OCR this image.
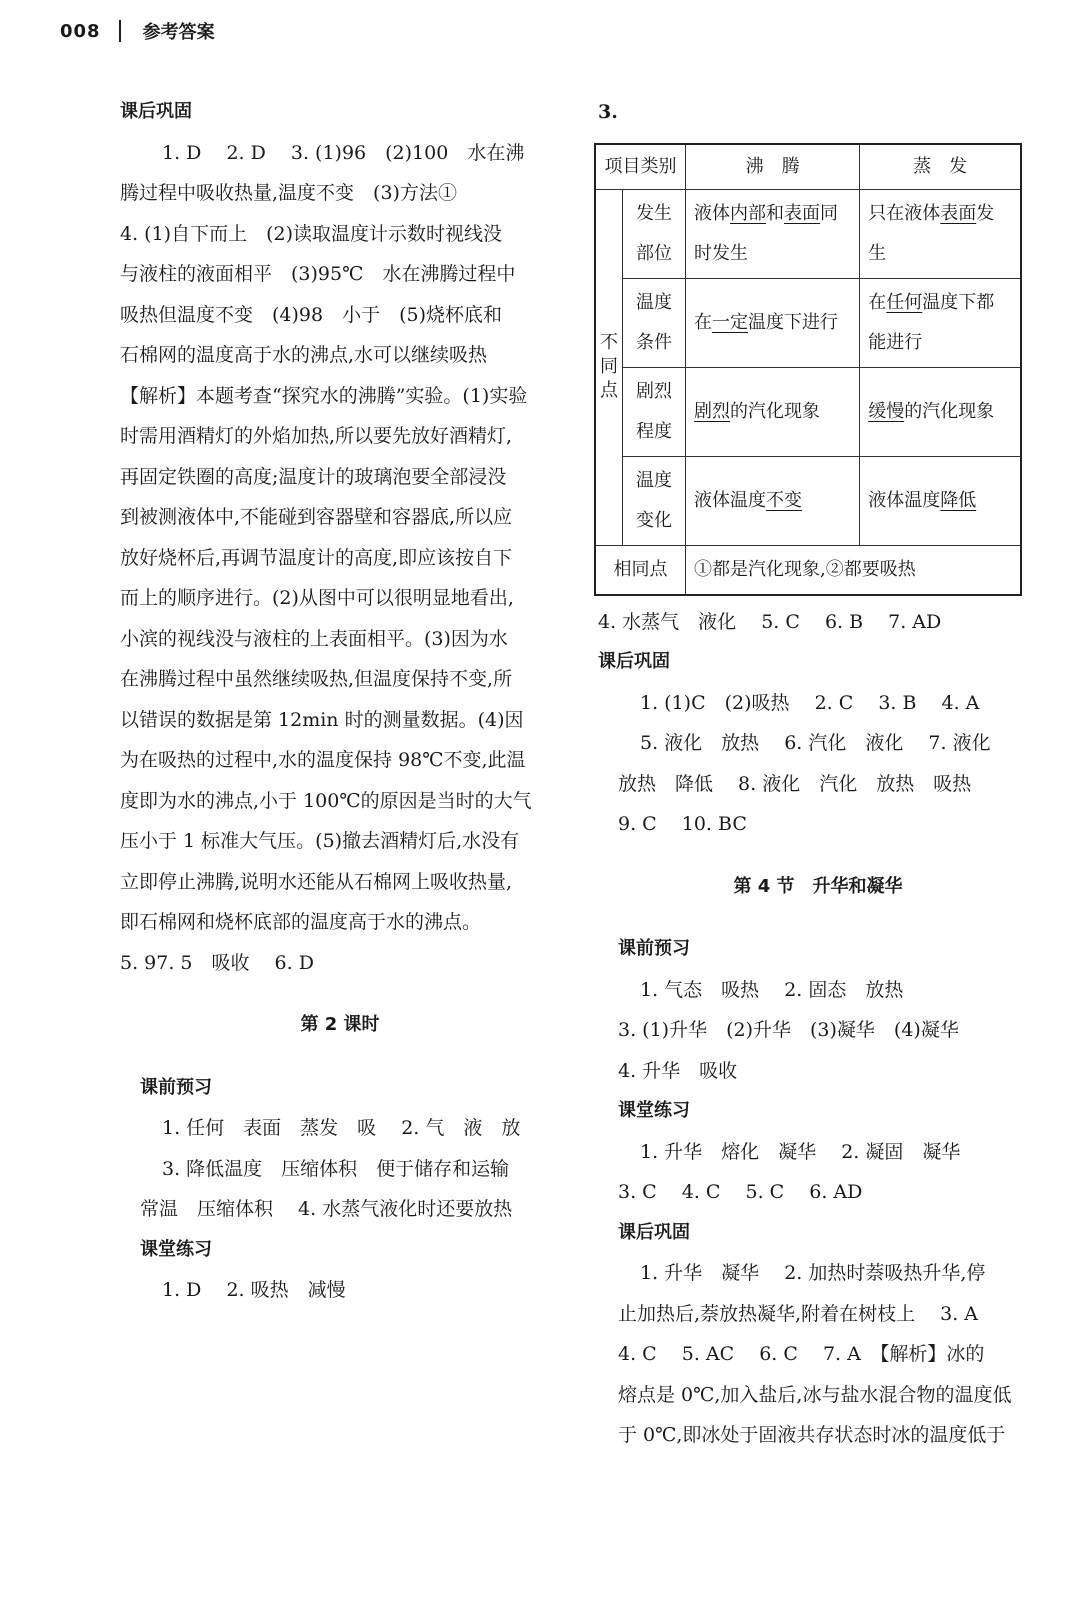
008 参考答案
课后巩固
1. D　 2. D　 3. (1)96　(2)100　水在沸
腾过程中吸收热量,温度不变　(3)方法①
4. (1)自下而上　(2)读取温度计示数时视线没
与液柱的液面相平　(3)95℃　水在沸腾过程中
吸热但温度不变　(4)98　小于　(5)烧杯底和
石棉网的温度高于水的沸点,水可以继续吸热
【解析】本题考查“探究水的沸腾”实验。(1)实验
时需用酒精灯的外焰加热,所以要先放好酒精灯,
再固定铁圈的高度;温度计的玻璃泡要全部浸没
到被测液体中,不能碰到容器壁和容器底,所以应
放好烧杯后,再调节温度计的高度,即应该按自下
而上的顺序进行。(2)从图中可以很明显地看出,
小滨的视线没与液柱的上表面相平。(3)因为水
在沸腾过程中虽然继续吸热,但温度保持不变,所
以错误的数据是第 12min 时的测量数据。(4)因
为在吸热的过程中,水的温度保持 98℃不变,此温
度即为水的沸点,小于 100℃的原因是当时的大气
压小于 1 标准大气压。(5)撤去酒精灯后,水没有
立即停止沸腾,说明水还能从石棉网上吸收热量,
即石棉网和烧杯底部的温度高于水的沸点。
5. 97. 5　吸收　 6. D
第 2 课时
课前预习
1. 任何　表面　蒸发　吸　 2. 气　液　放
3. 降低温度　压缩体积　便于储存和运输
常温　压缩体积　 4. 水蒸气液化时还要放热
课堂练习
1. D　 2. 吸热　减慢
3.
项目类别		沸　腾	蒸　发
不同点	发生部位	液体内部和表面同时发生	只在液体表面发生
	温度条件	在一定温度下进行	在任何温度下都能进行
	剧烈程度	剧烈的汽化现象	缓慢的汽化现象
	温度变化	液体温度不变	液体温度降低
相同点		①都是汽化现象,②都要吸热	
4. 水蒸气　液化　 5. C　 6. B　 7. AD
课后巩固
1. (1)C　(2)吸热　 2. C　 3. B　 4. A
5. 液化　放热　 6. 汽化　液化　 7. 液化
放热　降低　 8. 液化　汽化　放热　吸热
9. C　 10. BC
第 4 节　升华和凝华
课前预习
1. 气态　吸热　 2. 固态　放热
3. (1)升华　(2)升华　(3)凝华　(4)凝华
4. 升华　吸收
课堂练习
1. 升华　熔化　凝华　 2. 凝固　凝华
3. C　 4. C　 5. C　 6. AD
课后巩固
1. 升华　凝华　 2. 加热时萘吸热升华,停
止加热后,萘放热凝华,附着在树枝上　 3. A
4. C　 5. AC　 6. C　 7. A　【解析】冰的
熔点是 0℃,加入盐后,冰与盐水混合物的温度低
于 0℃,即冰处于固液共存状态时冰的温度低于
